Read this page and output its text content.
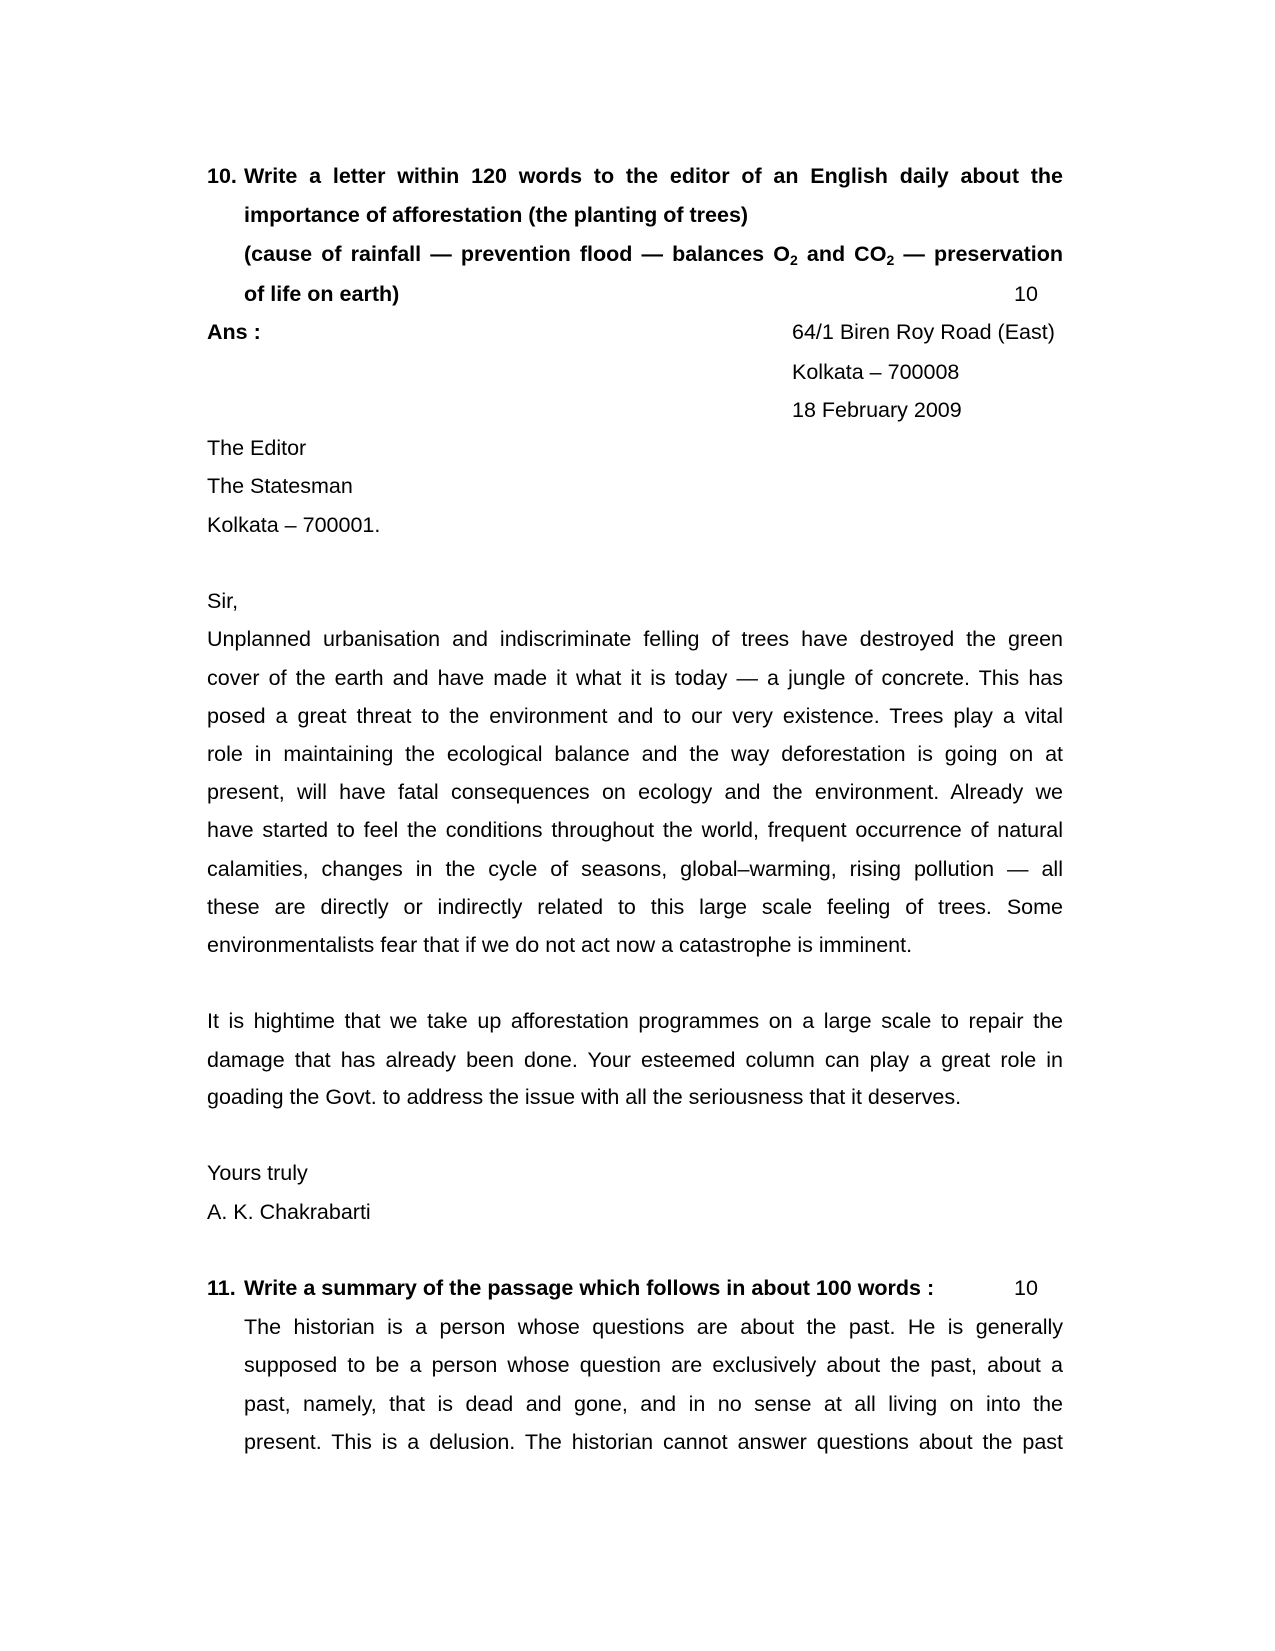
10. Write a letter within 120 words to the editor of an English daily about the
importance of afforestation (the planting of trees)
(cause of rainfall — prevention flood — balances $O_2$ and $CO_2$ — preservation
of life on earth)	10
Ans :	64/1 Biren Roy Road (East)
Kolkata – 700008
18 February 2009
The Editor
The Statesman
Kolkata – 700001.
Sir,
Unplanned urbanisation and indiscriminate felling of trees have destroyed the green
cover of the earth and have made it what it is today — a jungle of concrete. This has
posed a great threat to the environment and to our very existence. Trees play a vital
role in maintaining the ecological balance and the way deforestation is going on at
present, will have fatal consequences on ecology and the environment. Already we
have started to feel the conditions throughout the world, frequent occurrence of natural
calamities, changes in the cycle of seasons, global–warming, rising pollution — all
these are directly or indirectly related to this large scale feeling of trees. Some
environmentalists fear that if we do not act now a catastrophe is imminent.
It is hightime that we take up afforestation programmes on a large scale to repair the
damage that has already been done. Your esteemed column can play a great role in
goading the Govt. to address the issue with all the seriousness that it deserves.
Yours truly
A. K. Chakrabarti
11. Write a summary of the passage which follows in about 100 words :	10
The historian is a person whose questions are about the past. He is generally
supposed to be a person whose question are exclusively about the past, about a
past, namely, that is dead and gone, and in no sense at all living on into the
present. This is a delusion. The historian cannot answer questions about the past
